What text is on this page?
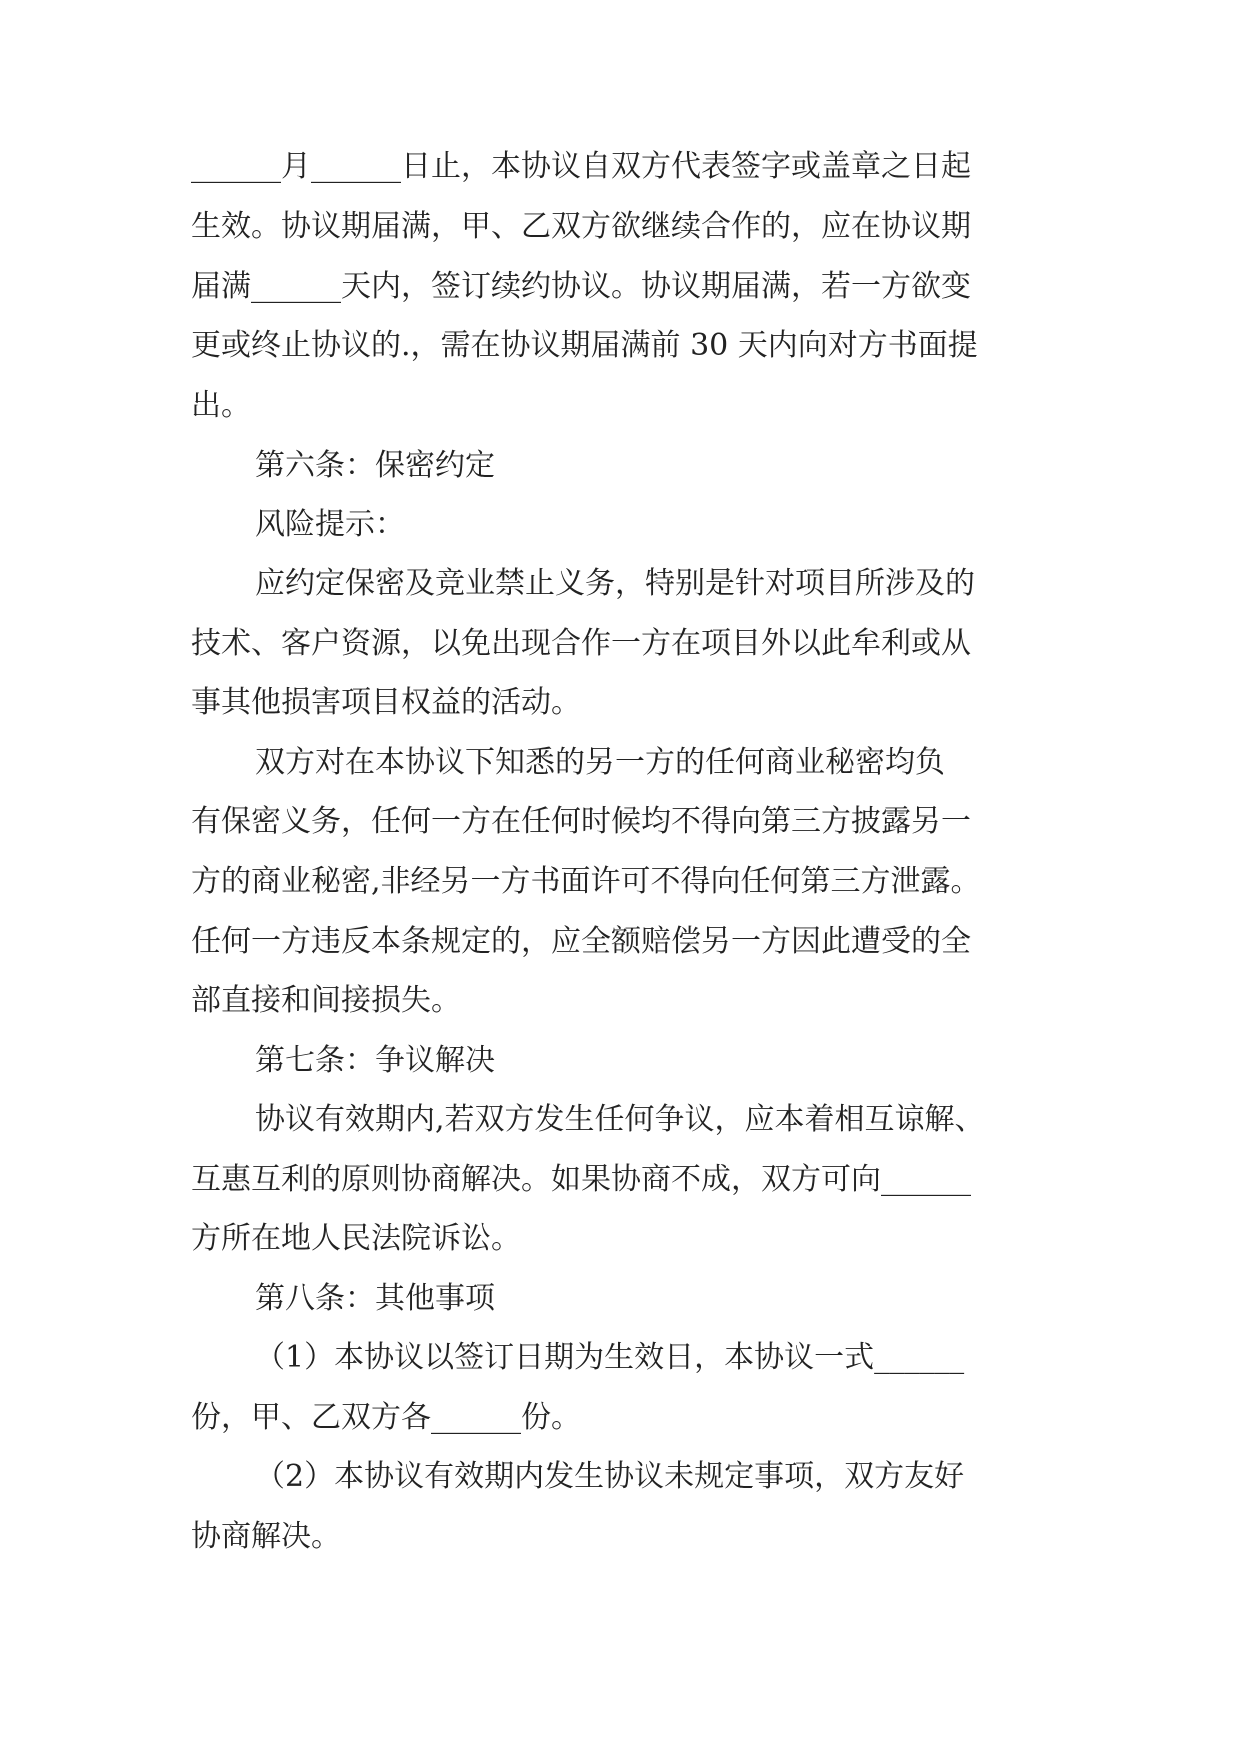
______月______日止，本协议自双方代表签字或盖章之日起
生效。协议期届满，甲、乙双方欲继续合作的，应在协议期
届满______天内，签订续约协议。协议期届满，若一方欲变
更或终止协议的.，需在协议期届满前 30 天内向对方书面提
出。
第六条：保密约定
风险提示：
应约定保密及竞业禁止义务，特别是针对项目所涉及的
技术、客户资源，以免出现合作一方在项目外以此牟利或从
事其他损害项目权益的活动。
双方对在本协议下知悉的另一方的任何商业秘密均负
有保密义务，任何一方在任何时候均不得向第三方披露另一
方的商业秘密,非经另一方书面许可不得向任何第三方泄露。
任何一方违反本条规定的，应全额赔偿另一方因此遭受的全
部直接和间接损失。
第七条：争议解决
协议有效期内,若双方发生任何争议，应本着相互谅解、
互惠互利的原则协商解决。如果协商不成，双方可向______
方所在地人民法院诉讼。
第八条：其他事项
（1）本协议以签订日期为生效日，本协议一式______
份，甲、乙双方各______份。
（2）本协议有效期内发生协议未规定事项，双方友好
协商解决。
